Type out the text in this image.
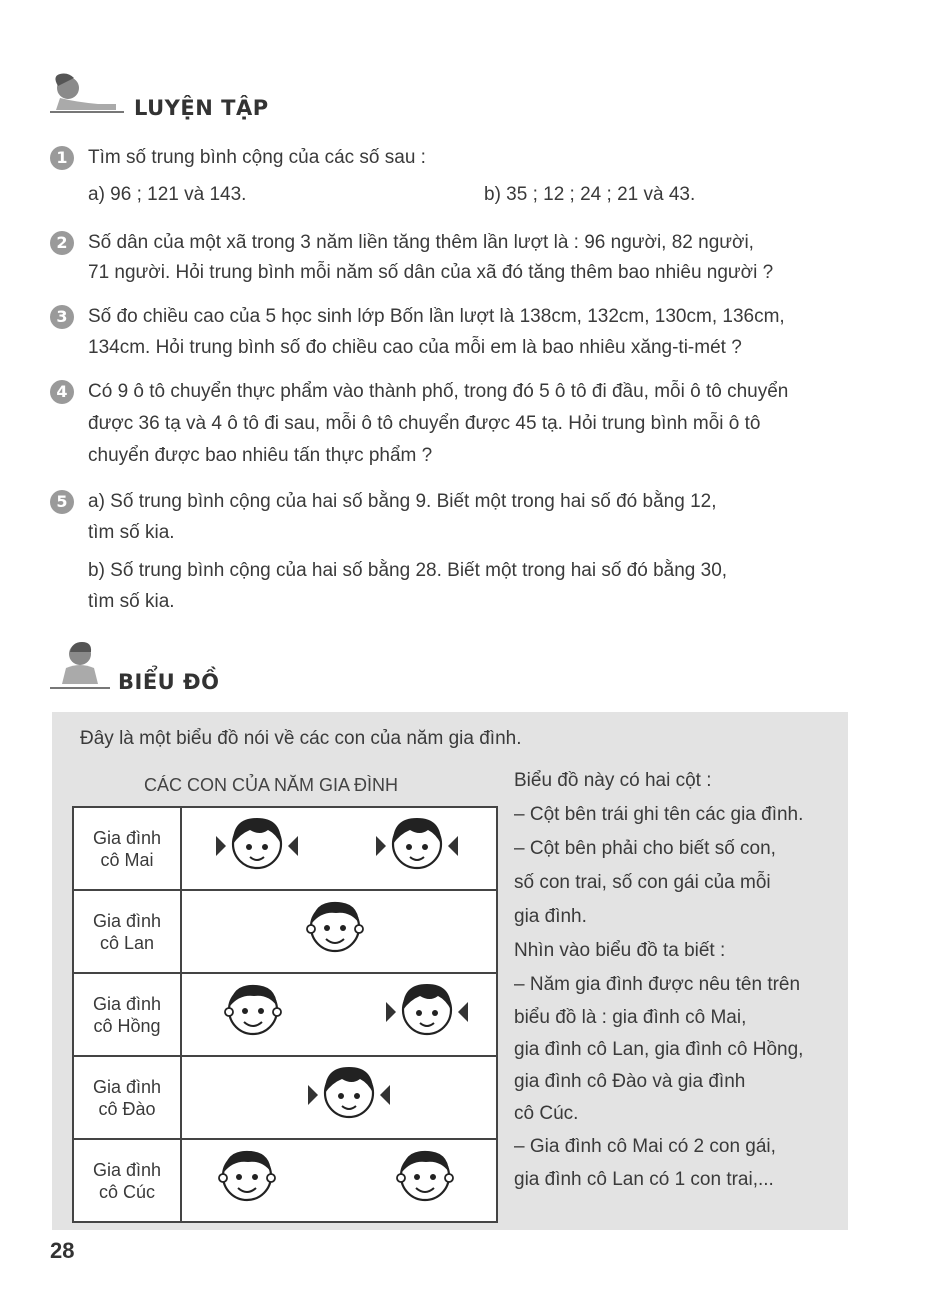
LUYỆN TẬP
1	Tìm số trung bình cộng của các số sau :
a) 96 ; 121 và 143.	b) 35 ; 12 ; 24 ; 21 và 43.
2	Số dân của một xã trong 3 năm liền tăng thêm lần lượt là : 96 người, 82 người,
71 người. Hỏi trung bình mỗi năm số dân của xã đó tăng thêm bao nhiêu người ?
3	Số đo chiều cao của 5 học sinh lớp Bốn lần lượt là 138cm, 132cm, 130cm, 136cm,
134cm. Hỏi trung bình số đo chiều cao của mỗi em là bao nhiêu xăng-ti-mét ?
4	Có 9 ô tô chuyển thực phẩm vào thành phố, trong đó 5 ô tô đi đầu, mỗi ô tô chuyển
được 36 tạ và 4 ô tô đi sau, mỗi ô tô chuyển được 45 tạ. Hỏi trung bình mỗi ô tô
chuyển được bao nhiêu tấn thực phẩm ?
5	a) Số trung bình cộng của hai số bằng 9. Biết một trong hai số đó bằng 12,
tìm số kia.
b) Số trung bình cộng của hai số bằng 28. Biết một trong hai số đó bằng 30,
tìm số kia.
BIỂU ĐỒ
Đây là một biểu đồ nói về các con của năm gia đình.
CÁC CON CỦA NĂM GIA ĐÌNH
Gia đình
cô Mai

Gia đình
cô Lan

Gia đình
cô Hồng

Gia đình
cô Đào

Gia đình
cô Cúc

Biểu đồ này có hai cột :
– Cột bên trái ghi tên các gia đình.
– Cột bên phải cho biết số con,
số con trai, số con gái của mỗi
gia đình.
Nhìn vào biểu đồ ta biết :
– Năm gia đình được nêu tên trên
biểu đồ là : gia đình cô Mai,
gia đình cô Lan, gia đình cô Hồng,
gia đình cô Đào và gia đình
cô Cúc.
– Gia đình cô Mai có 2 con gái,
gia đình cô Lan có 1 con trai,...
28
